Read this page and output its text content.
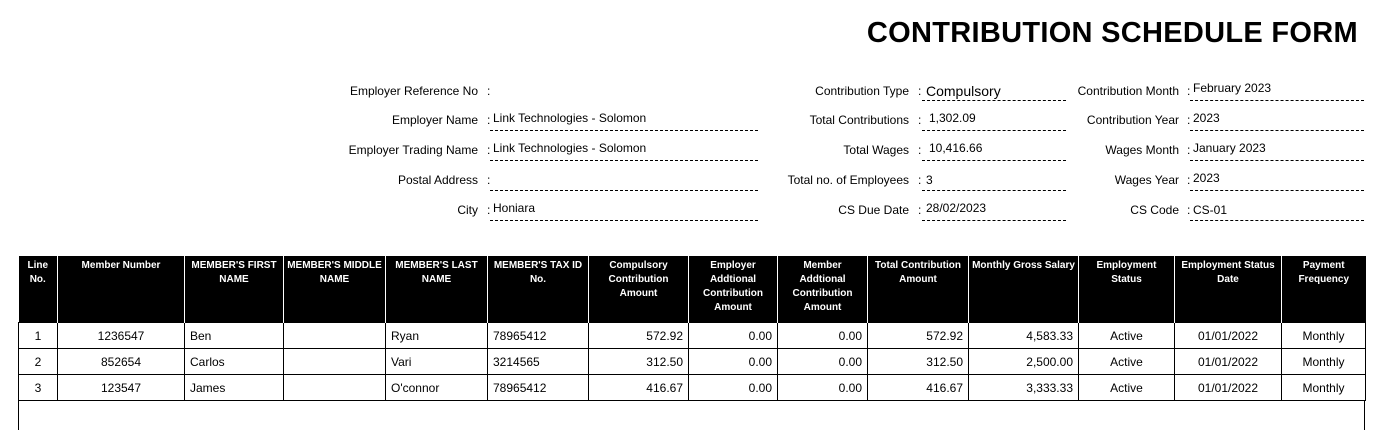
CONTRIBUTION SCHEDULE FORM
Employer Reference No :
Employer Name : Link Technologies - Solomon
Employer Trading Name : Link Technologies - Solomon
Postal Address :
City : Honiara
Contribution Type : Compulsory
Total Contributions : 1,302.09
Total Wages : 10,416.66
Total no. of Employees : 3
CS Due Date : 28/02/2023
Contribution Month : February 2023
Contribution Year : 2023
Wages Month : January 2023
Wages Year : 2023
CS Code : CS-01
Line No.	Member Number	MEMBER'S FIRST NAME	MEMBER'S MIDDLE NAME	MEMBER'S LAST NAME	MEMBER'S TAX ID No.	Compulsory Contribution Amount	Employer Addtional Contribution Amount	Member Addtional Contribution Amount	Total Contribution Amount	Monthly Gross Salary	Employment Status	Employment Status Date	Payment Frequency
1	1236547	Ben		Ryan	78965412	572.92	0.00	0.00	572.92	4,583.33	Active	01/01/2022	Monthly
2	852654	Carlos		Vari	3214565	312.50	0.00	0.00	312.50	2,500.00	Active	01/01/2022	Monthly
3	123547	James		O'connor	78965412	416.67	0.00	0.00	416.67	3,333.33	Active	01/01/2022	Monthly
